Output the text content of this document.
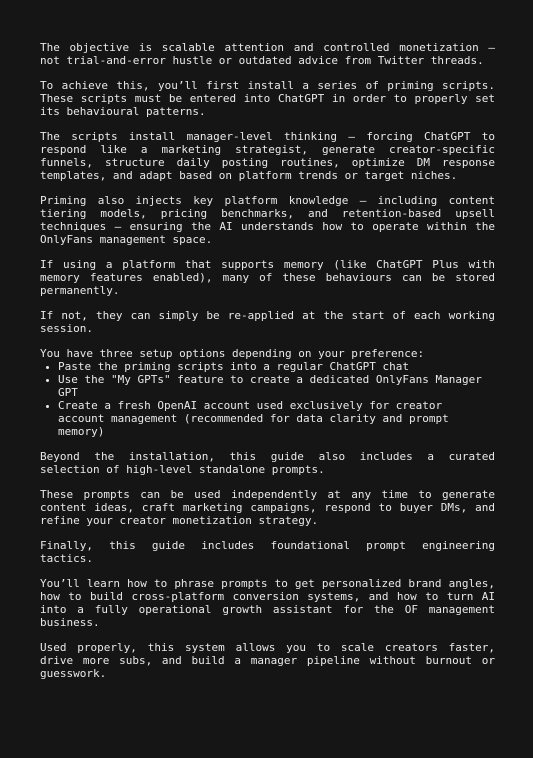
The objective is scalable attention and controlled monetization — not trial-and-error hustle or outdated advice from Twitter threads.

To achieve this, you’ll first install a series of priming scripts. These scripts must be entered into ChatGPT in order to properly set its behavioural patterns.

The scripts install manager-level thinking — forcing ChatGPT to respond like a marketing strategist, generate creator-specific funnels, structure daily posting routines, optimize DM response templates, and adapt based on platform trends or target niches.

Priming also injects key platform knowledge — including content tiering models, pricing benchmarks, and retention-based upsell techniques — ensuring the AI understands how to operate within the OnlyFans management space.

If using a platform that supports memory (like ChatGPT Plus with memory features enabled), many of these behaviours can be stored permanently.

If not, they can simply be re-applied at the start of each working session.

You have three setup options depending on your preference:

• Paste the priming scripts into a regular ChatGPT chat
• Use the "My GPTs" feature to create a dedicated OnlyFans Manager GPT
• Create a fresh OpenAI account used exclusively for creator account management (recommended for data clarity and prompt memory)

Beyond the installation, this guide also includes a curated selection of high-level standalone prompts.

These prompts can be used independently at any time to generate content ideas, craft marketing campaigns, respond to buyer DMs, and refine your creator monetization strategy.

Finally, this guide includes foundational prompt engineering tactics.

You’ll learn how to phrase prompts to get personalized brand angles, how to build cross-platform conversion systems, and how to turn AI into a fully operational growth assistant for the OF management business.

Used properly, this system allows you to scale creators faster, drive more subs, and build a manager pipeline without burnout or guesswork.
